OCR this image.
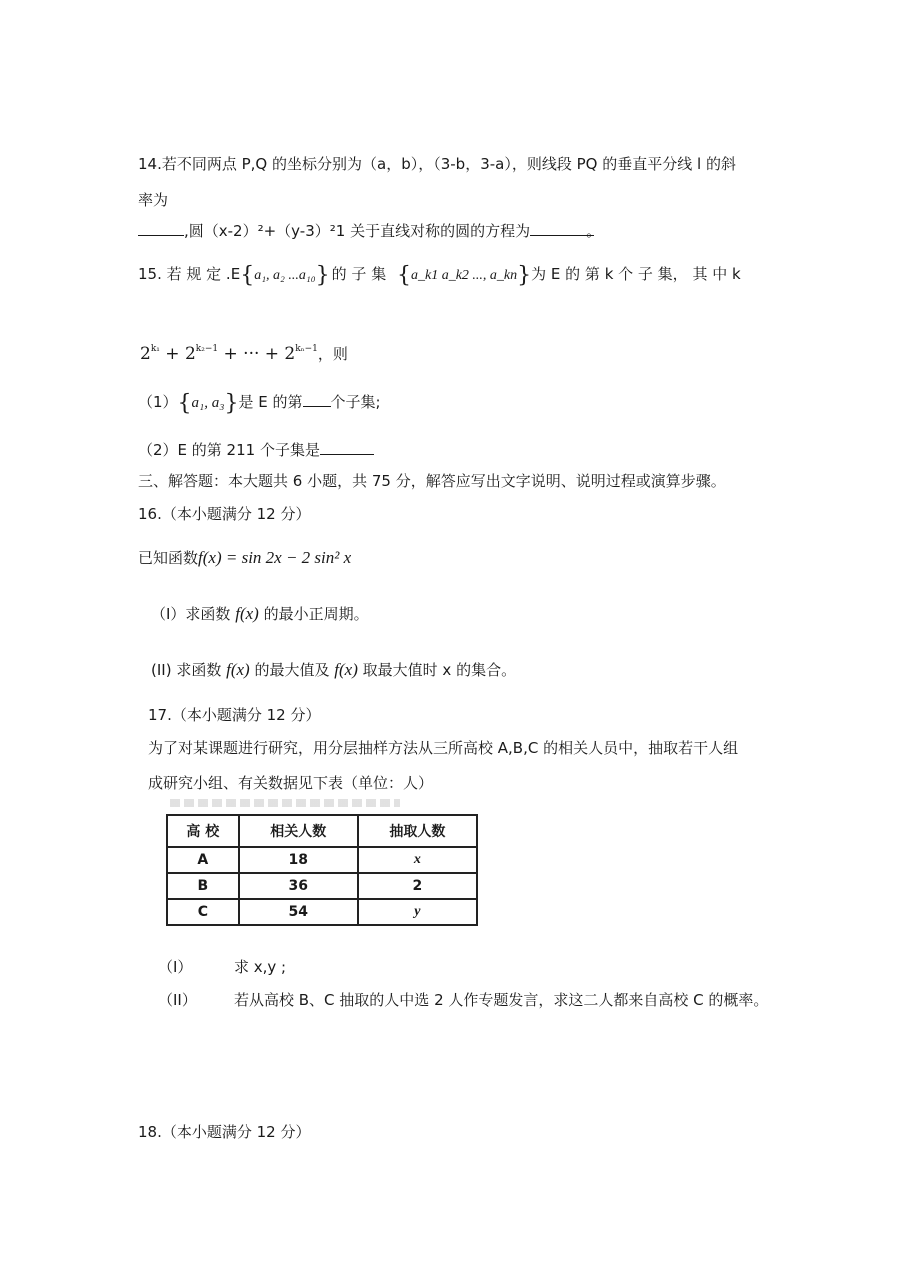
14.若不同两点 P,Q 的坐标分别为（a，b），（3-b，3-a），则线段 PQ 的垂直平分线 l 的斜
率为
,圆（x-2）²+（y-3）²1 关于直线对称的圆的方程为	。
15. 若 规 定 .E{a₁, a₂ ...a₁₀} 的 子 集 {a_k1 a_k2 ..., a_kn}为 E 的 第 k 个 子 集， 其 中 k
$2^{k_1} + 2^{k_2-1}$ + ··· + $2^{k_n-1}$，则
（1）{a₁, a₃}是 E 的第 个子集;
（2）E 的第 211 个子集是
三、解答题：本大题共 6 小题，共 75 分，解答应写出文字说明、说明过程或演算步骤。
16.（本小题满分 12 分）
已知函数f(x) = sin 2x − 2 sin² x
（I）求函数 f(x) 的最小正周期。
(II) 求函数 f(x) 的最大值及 f(x) 取最大值时 x 的集合。
17.（本小题满分 12 分）
为了对某课题进行研究，用分层抽样方法从三所高校 A,B,C 的相关人员中，抽取若干人组
成研究小组、有关数据见下表（单位：人）
高 校	相关人数	抽取人数
A	18	x
B	36	2
C	54	y
（I）	求 x,y ;
（II） 若从高校 B、C 抽取的人中选 2 人作专题发言，求这二人都来自高校 C 的概率。
18.（本小题满分 12 分）
